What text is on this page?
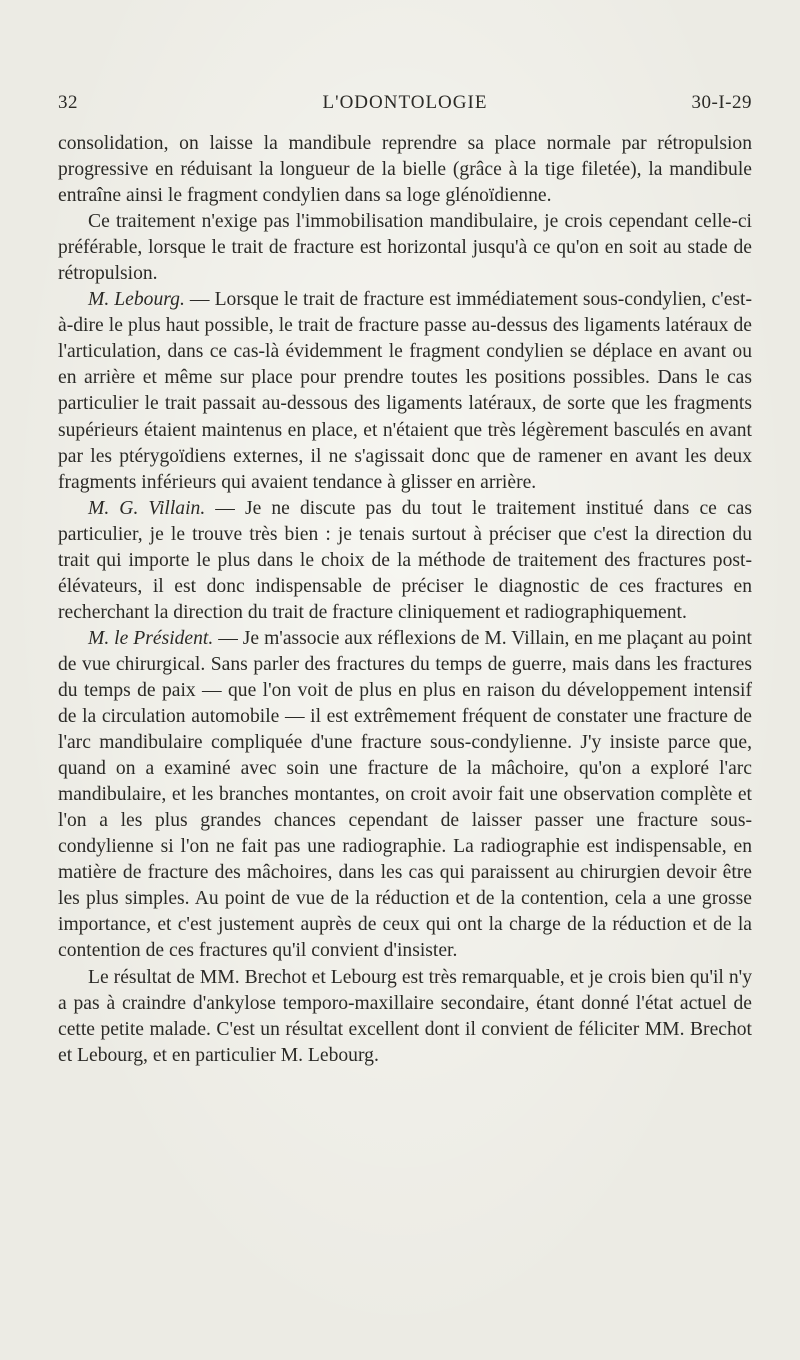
32	L'ODONTOLOGIE	30-I-29

consolidation, on laisse la mandibule reprendre sa place normale par rétropulsion progressive en réduisant la longueur de la bielle (grâce à la tige filetée), la mandibule entraîne ainsi le fragment condylien dans sa loge glénoïdienne.

Ce traitement n'exige pas l'immobilisation mandibulaire, je crois cependant celle-ci préférable, lorsque le trait de fracture est horizontal jusqu'à ce qu'on en soit au stade de rétropulsion.

M. Lebourg. — Lorsque le trait de fracture est immédiatement sous-condylien, c'est-à-dire le plus haut possible, le trait de fracture passe au-dessus des ligaments latéraux de l'articulation, dans ce cas-là évidemment le fragment condylien se déplace en avant ou en arrière et même sur place pour prendre toutes les positions possibles. Dans le cas particulier le trait passait au-dessous des ligaments latéraux, de sorte que les fragments supérieurs étaient maintenus en place, et n'étaient que très légèrement basculés en avant par les ptérygoïdiens externes, il ne s'agissait donc que de ramener en avant les deux fragments inférieurs qui avaient tendance à glisser en arrière.

M. G. Villain. — Je ne discute pas du tout le traitement institué dans ce cas particulier, je le trouve très bien : je tenais surtout à préciser que c'est la direction du trait qui importe le plus dans le choix de la méthode de traitement des fractures post-élévateurs, il est donc indispensable de préciser le diagnostic de ces fractures en recherchant la direction du trait de fracture cliniquement et radiographiquement.

M. le Président. — Je m'associe aux réflexions de M. Villain, en me plaçant au point de vue chirurgical. Sans parler des fractures du temps de guerre, mais dans les fractures du temps de paix — que l'on voit de plus en plus en raison du développement intensif de la circulation automobile — il est extrêmement fréquent de constater une fracture de l'arc mandibulaire compliquée d'une fracture sous-condylienne. J'y insiste parce que, quand on a examiné avec soin une fracture de la mâchoire, qu'on a exploré l'arc mandibulaire, et les branches montantes, on croit avoir fait une observation complète et l'on a les plus grandes chances cependant de laisser passer une fracture sous-condylienne si l'on ne fait pas une radiographie. La radiographie est indispensable, en matière de fracture des mâchoires, dans les cas qui paraissent au chirurgien devoir être les plus simples. Au point de vue de la réduction et de la contention, cela a une grosse importance, et c'est justement auprès de ceux qui ont la charge de la réduction et de la contention de ces fractures qu'il convient d'insister.

Le résultat de MM. Brechot et Lebourg est très remarquable, et je crois bien qu'il n'y a pas à craindre d'ankylose temporo-maxillaire secondaire, étant donné l'état actuel de cette petite malade. C'est un résultat excellent dont il convient de féliciter MM. Brechot et Lebourg, et en particulier M. Lebourg.
